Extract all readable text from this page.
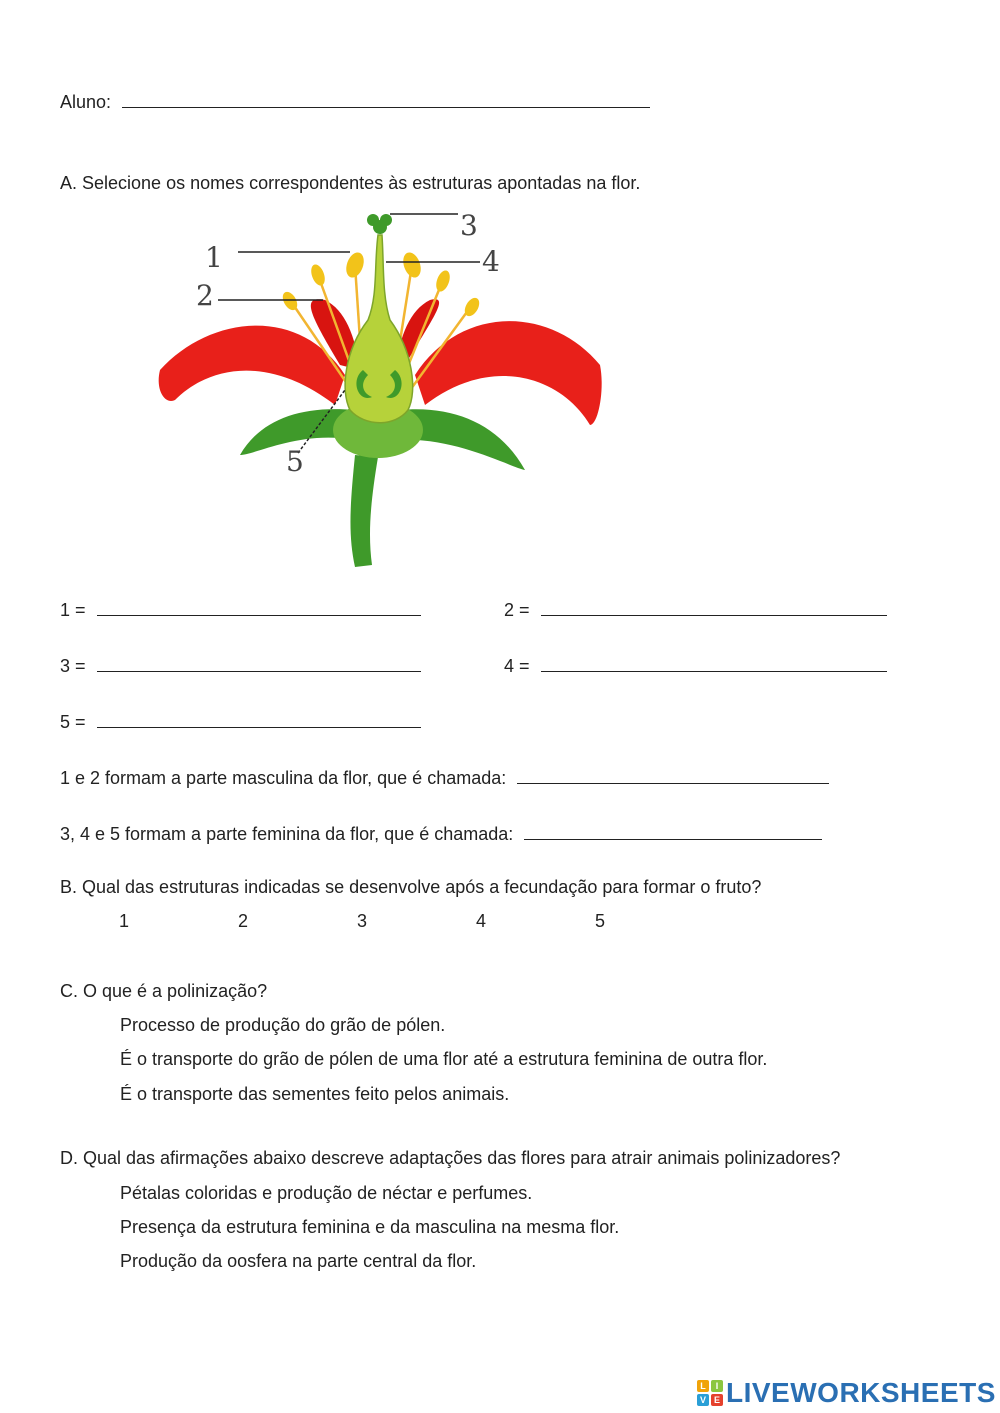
Aluno:
A. Selecione os nomes correspondentes às estruturas apontadas na flor.
1
2
3
4
5
1 =	2 =
3 =	4 =
5 =
1 e 2 formam a parte masculina da flor, que é chamada:
3, 4 e 5 formam a parte feminina da flor, que é chamada:
B. Qual das estruturas indicadas se desenvolve após a fecundação para formar o fruto?
1	2	3	4	5
C. O que é a polinização?
Processo de produção do grão de pólen.
É o transporte do grão de pólen de uma flor até a estrutura feminina de outra flor.
É o transporte das sementes feito pelos animais.
D. Qual das afirmações abaixo descreve adaptações das flores para atrair animais polinizadores?
Pétalas coloridas e produção de néctar e perfumes.
Presença da estrutura feminina e da masculina na mesma flor.
Produção da oosfera na parte central da flor.
L	I
V E LIVEWORKSHEETS
